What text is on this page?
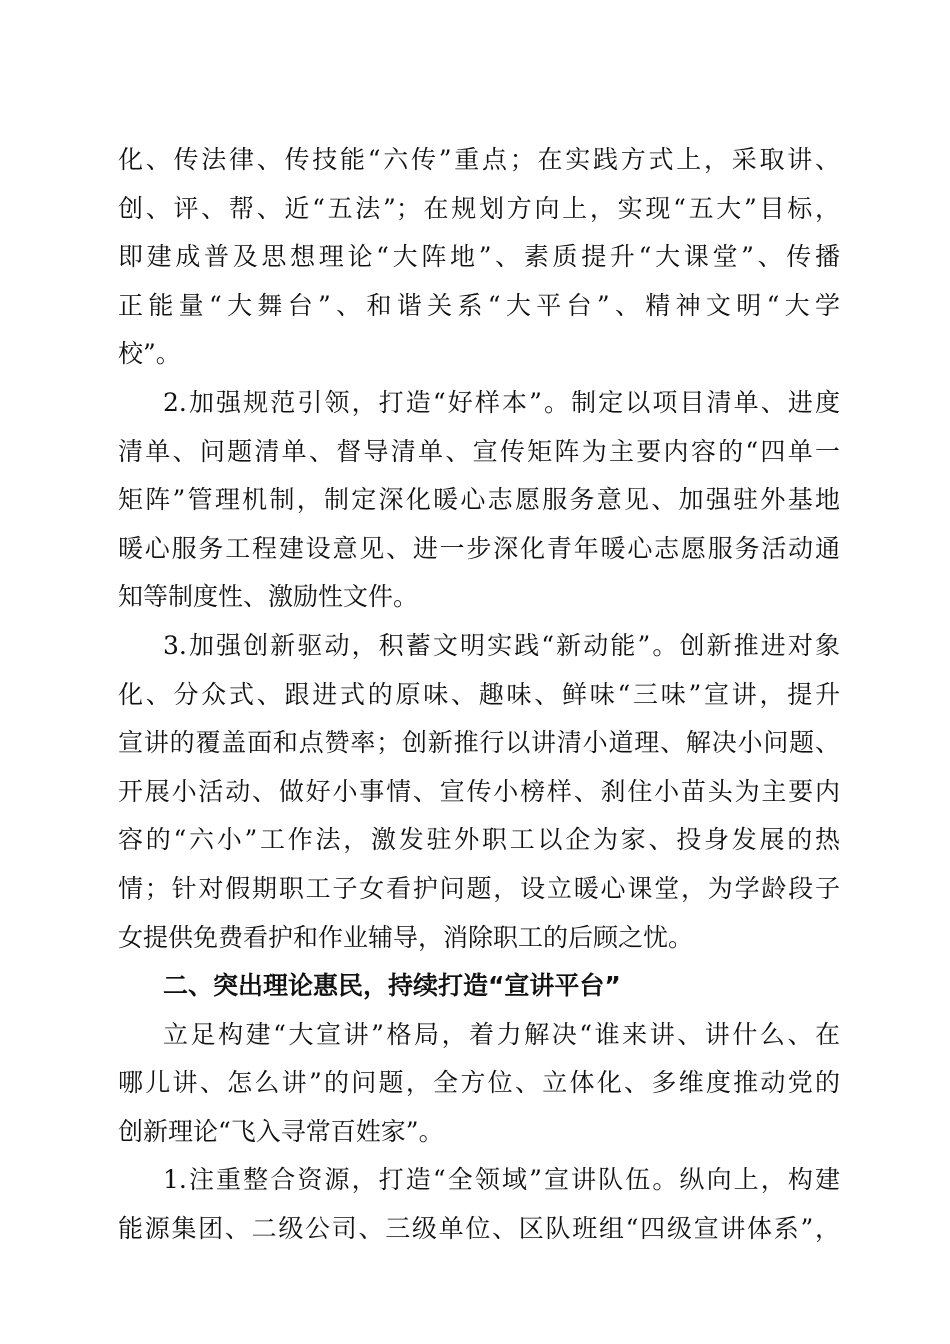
化、传法律、传技能“六传”重点；在实践方式上，采取讲、
创、评、帮、近“五法”；在规划方向上，实现“五大”目标，
即建成普及思想理论“大阵地”、素质提升“大课堂”、传播
正能量“大舞台”、和谐关系“大平台”、精神文明“大学
校”。
2.加强规范引领，打造“好样本”。制定以项目清单、进度
清单、问题清单、督导清单、宣传矩阵为主要内容的“四单一
矩阵”管理机制，制定深化暖心志愿服务意见、加强驻外基地
暖心服务工程建设意见、进一步深化青年暖心志愿服务活动通
知等制度性、激励性文件。
3.加强创新驱动，积蓄文明实践“新动能”。创新推进对象
化、分众式、跟进式的原味、趣味、鲜味“三味”宣讲，提升
宣讲的覆盖面和点赞率；创新推行以讲清小道理、解决小问题、
开展小活动、做好小事情、宣传小榜样、刹住小苗头为主要内
容的“六小”工作法，激发驻外职工以企为家、投身发展的热
情；针对假期职工子女看护问题，设立暖心课堂，为学龄段子
女提供免费看护和作业辅导，消除职工的后顾之忧。
二、突出理论惠民，持续打造“宣讲平台”
立足构建“大宣讲”格局，着力解决“谁来讲、讲什么、在
哪儿讲、怎么讲”的问题，全方位、立体化、多维度推动党的
创新理论“飞入寻常百姓家”。
1.注重整合资源，打造“全领域”宣讲队伍。纵向上，构建
能源集团、二级公司、三级单位、区队班组“四级宣讲体系”，
